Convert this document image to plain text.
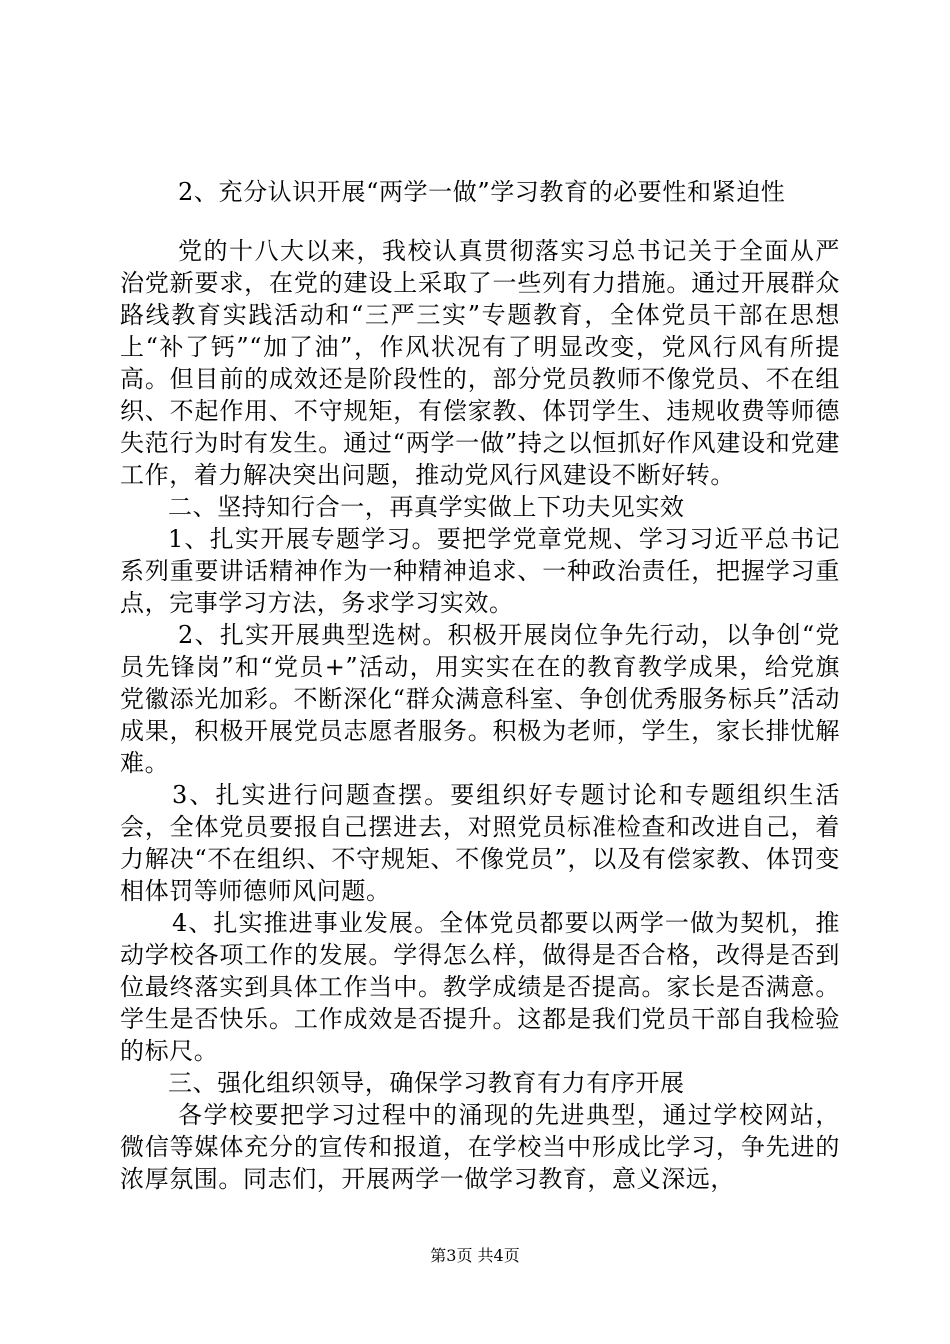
2、充分认识开展“两学一做”学习教育的必要性和紧迫性

党的十八大以来，我校认真贯彻落实习总书记关于全面从严治党新要求，在党的建设上采取了一些列有力措施。通过开展群众路线教育实践活动和“三严三实”专题教育，全体党员干部在思想上“补了钙”“加了油”，作风状况有了明显改变，党风行风有所提高。但目前的成效还是阶段性的，部分党员教师不像党员、不在组织、不起作用、不守规矩，有偿家教、体罚学生、违规收费等师德失范行为时有发生。通过“两学一做”持之以恒抓好作风建设和党建工作，着力解决突出问题，推动党风行风建设不断好转。

二、坚持知行合一，再真学实做上下功夫见实效

1、扎实开展专题学习。要把学党章党规、学习习近平总书记系列重要讲话精神作为一种精神追求、一种政治责任，把握学习重点，完事学习方法，务求学习实效。

2、扎实开展典型选树。积极开展岗位争先行动，以争创“党员先锋岗”和“党员+”活动，用实实在在的教育教学成果，给党旗党徽添光加彩。不断深化“群众满意科室、争创优秀服务标兵”活动成果，积极开展党员志愿者服务。积极为老师，学生，家长排忧解难。

3、扎实进行问题查摆。要组织好专题讨论和专题组织生活会，全体党员要报自己摆进去，对照党员标准检查和改进自己，着力解决“不在组织、不守规矩、不像党员”，以及有偿家教、体罚变相体罚等师德师风问题。

4、扎实推进事业发展。全体党员都要以两学一做为契机，推动学校各项工作的发展。学得怎么样，做得是否合格，改得是否到位最终落实到具体工作当中。教学成绩是否提高。家长是否满意。学生是否快乐。工作成效是否提升。这都是我们党员干部自我检验的标尺。

三、强化组织领导，确保学习教育有力有序开展

各学校要把学习过程中的涌现的先进典型，通过学校网站，微信等媒体充分的宣传和报道，在学校当中形成比学习，争先进的浓厚氛围。同志们，开展两学一做学习教育，意义深远，

第3页 共4页
